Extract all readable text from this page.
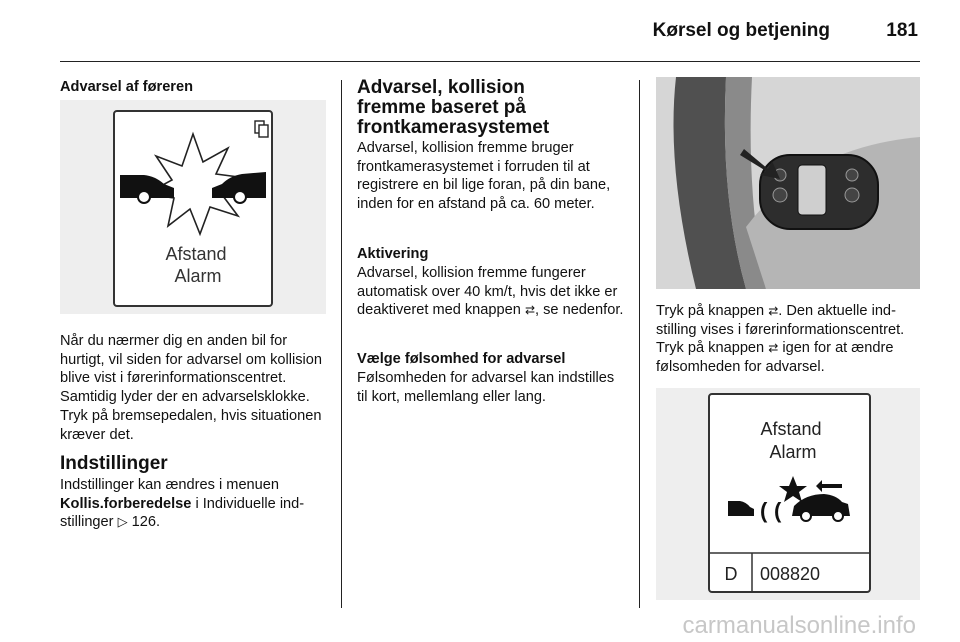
Kørsel og betjening	181
Advarsel af føreren
Afstand
Alarm

Når du nærmer dig en anden bil for hurtigt, vil siden for advarsel om kollision blive vist i førerinformationscentret. Samtidig lyder der en advarselsklokke. Tryk på bremsepedalen, hvis situationen kræver det.

Indstillinger

Indstillinger kan ændres i menuen Kollis.forberedelse i Individuelle indstillinger ▷ 126.

Advarsel, kollision fremme baseret på frontkamerasystemet

Advarsel, kollision fremme bruger frontkamerasystemet i forruden til at registrere en bil lige foran, på din bane, inden for en afstand på ca. 60 meter.

Aktivering

Advarsel, kollision fremme fungerer automatisk over 40 km/t, hvis det ikke er deaktiveret med knappen ⇄, se nedenfor.

Vælge følsomhed for advarsel

Følsomheden for advarsel kan indstilles til kort, mellemlang eller lang.

Tryk på knappen ⇄. Den aktuelle indstilling vises i førerinformationscentret. Tryk på knappen ⇄ igen for at ændre følsomheden for advarsel.

Afstand
Alarm
( (
D 008820
carmanualsonline.info
